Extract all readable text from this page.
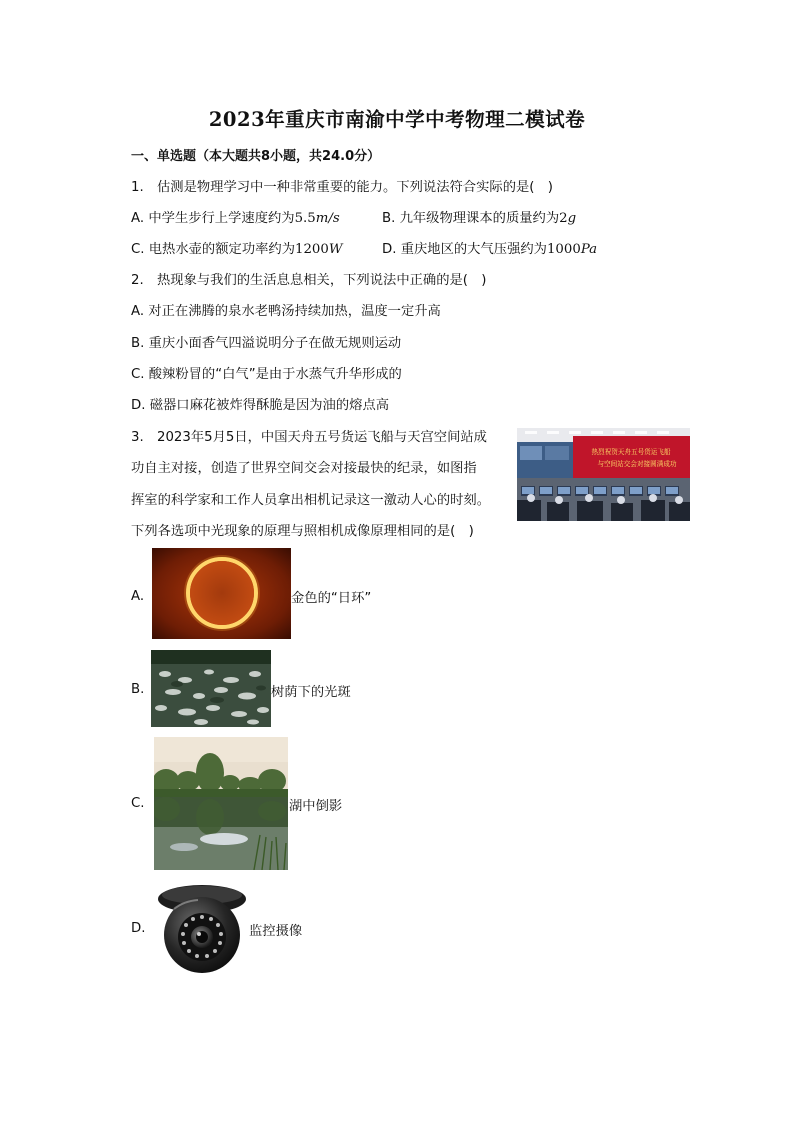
2023年重庆市南渝中学中考物理二模试卷
一、单选题（本大题共8小题，共24.0分）
1.　估测是物理学习中一种非常重要的能力。下列说法符合实际的是(　)
A. 中学生步行上学速度约为5.5m/s	B. 九年级物理课本的质量约为2g
C. 电热水壶的额定功率约为1200W	D. 重庆地区的大气压强约为1000Pa
2.　热现象与我们的生活息息相关，下列说法中正确的是(　)
A. 对正在沸腾的泉水老鸭汤持续加热，温度一定升高
B. 重庆小面香气四溢说明分子在做无规则运动
C. 酸辣粉冒的“白气”是由于水蒸气升华形成的
D. 磁器口麻花被炸得酥脆是因为油的熔点高
3.　2023年5月5日，中国天舟五号货运飞船与天宫空间站成
功自主对接，创造了世界空间交会对接最快的纪录，如图指
挥室的科学家和工作人员拿出相机记录这一激动人心的时刻。
下列各选项中光现象的原理与照相机成像原理相同的是(　)
热烈祝贺天舟五号货运飞船
与空间站交会对接圆满成功
A.	金色的“日环”
B.	树荫下的光斑
C.	湖中倒影
D.	监控摄像
